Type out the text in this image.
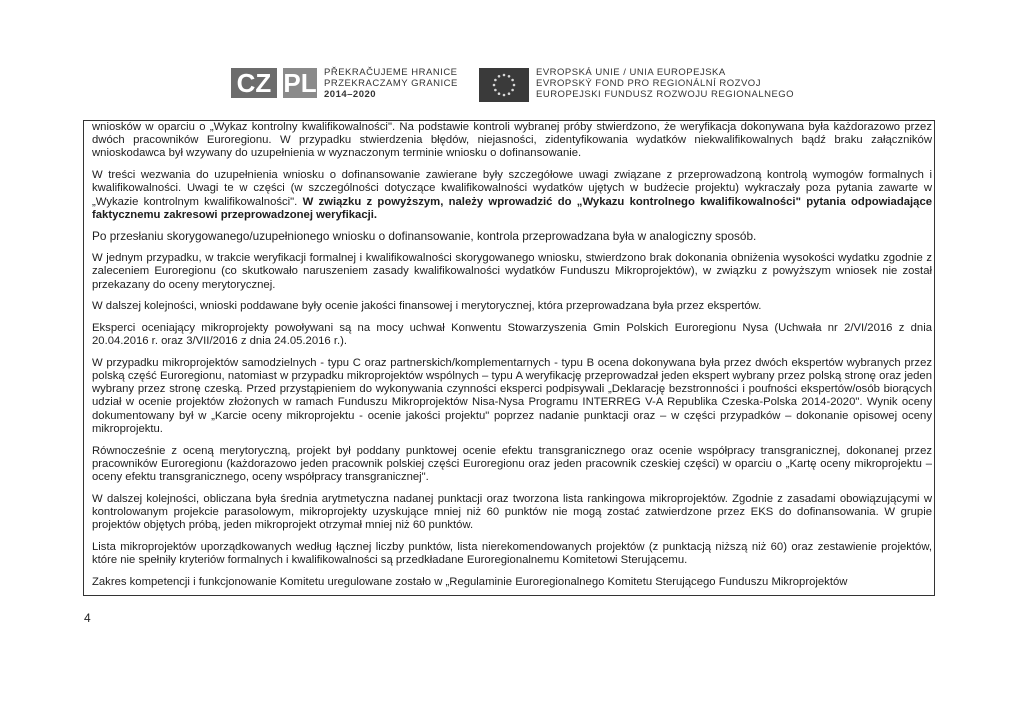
CZ PL PŘEKRAČUJEME HRANICE
PRZEKRACZAMY GRANICE
2014–2020
EVROPSKÁ UNIE / UNIA EUROPEJSKA
EVROPSKÝ FOND PRO REGIONÁLNÍ ROZVOJ
EUROPEJSKI FUNDUSZ ROZWOJU REGIONALNEGO

wniosków w oparciu o „Wykaz kontrolny kwalifikowalności". Na podstawie kontroli wybranej próby stwierdzono, że weryfikacja dokonywana była każdorazowo przez dwóch pracowników Euroregionu. W przypadku stwierdzenia błędów, niejasności, zidentyfikowania wydatków niekwalifikowalnych bądź braku załączników wnioskodawca był wzywany do uzupełnienia w wyznaczonym terminie wniosku o dofinansowanie.

W treści wezwania do uzupełnienia wniosku o dofinansowanie zawierane były szczegółowe uwagi związane z przeprowadzoną kontrolą wymogów formalnych i kwalifikowalności. Uwagi te w części (w szczególności dotyczące kwalifikowalności wydatków ujętych w budżecie projektu) wykraczały poza pytania zawarte w „Wykazie kontrolnym kwalifikowalności". W związku z powyższym, należy wprowadzić do „Wykazu kontrolnego kwalifikowalności" pytania odpowiadające faktycznemu zakresowi przeprowadzonej weryfikacji.

Po przesłaniu skorygowanego/uzupełnionego wniosku o dofinansowanie, kontrola przeprowadzana była w analogiczny sposób.

W jednym przypadku, w trakcie weryfikacji formalnej i kwalifikowalności skorygowanego wniosku, stwierdzono brak dokonania obniżenia wysokości wydatku zgodnie z zaleceniem Euroregionu (co skutkowało naruszeniem zasady kwalifikowalności wydatków Funduszu Mikroprojektów), w związku z powyższym wniosek nie został przekazany do oceny merytorycznej.

W dalszej kolejności, wnioski poddawane były ocenie jakości finansowej i merytorycznej, która przeprowadzana była przez ekspertów.

Eksperci oceniający mikroprojekty powoływani są na mocy uchwał Konwentu Stowarzyszenia Gmin Polskich Euroregionu Nysa (Uchwała nr 2/VI/2016 z dnia 20.04.2016 r. oraz 3/VII/2016 z dnia 24.05.2016 r.).

W przypadku mikroprojektów samodzielnych - typu C oraz partnerskich/komplementarnych - typu B ocena dokonywana była przez dwóch ekspertów wybranych przez polską część Euroregionu, natomiast w przypadku mikroprojektów wspólnych – typu A weryfikację przeprowadzał jeden ekspert wybrany przez polską stronę oraz jeden wybrany przez stronę czeską. Przed przystąpieniem do wykonywania czynności eksperci podpisywali „Deklarację bezstronności i poufności ekspertów/osób biorących udział w ocenie projektów złożonych w ramach Funduszu Mikroprojektów Nisa-Nysa Programu INTERREG V-A Republika Czeska-Polska 2014-2020". Wynik oceny dokumentowany był w „Karcie oceny mikroprojektu - ocenie jakości projektu" poprzez nadanie punktacji oraz – w części przypadków – dokonanie opisowej oceny mikroprojektu.

Równocześnie z oceną merytoryczną, projekt był poddany punktowej ocenie efektu transgranicznego oraz ocenie współpracy transgranicznej, dokonanej przez pracowników Euroregionu (każdorazowo jeden pracownik polskiej części Euroregionu oraz jeden pracownik czeskiej części) w oparciu o „Kartę oceny mikroprojektu – oceny efektu transgranicznego, oceny współpracy transgranicznej".

W dalszej kolejności, obliczana była średnia arytmetyczna nadanej punktacji oraz tworzona lista rankingowa mikroprojektów. Zgodnie z zasadami obowiązującymi w kontrolowanym projekcie parasolowym, mikroprojekty uzyskujące mniej niż 60 punktów nie mogą zostać zatwierdzone przez EKS do dofinansowania. W grupie projektów objętych próbą, jeden mikroprojekt otrzymał mniej niż 60 punktów.

Lista mikroprojektów uporządkowanych według łącznej liczby punktów, lista nierekomendowanych projektów (z punktacją niższą niż 60) oraz zestawienie projektów, które nie spełniły kryteriów formalnych i kwalifikowalności są przedkładane Euroregionalnemu Komitetowi Sterującemu.

Zakres kompetencji i funkcjonowanie Komitetu uregulowane zostało w „Regulaminie Euroregionalnego Komitetu Sterującego Funduszu Mikroprojektów

4
